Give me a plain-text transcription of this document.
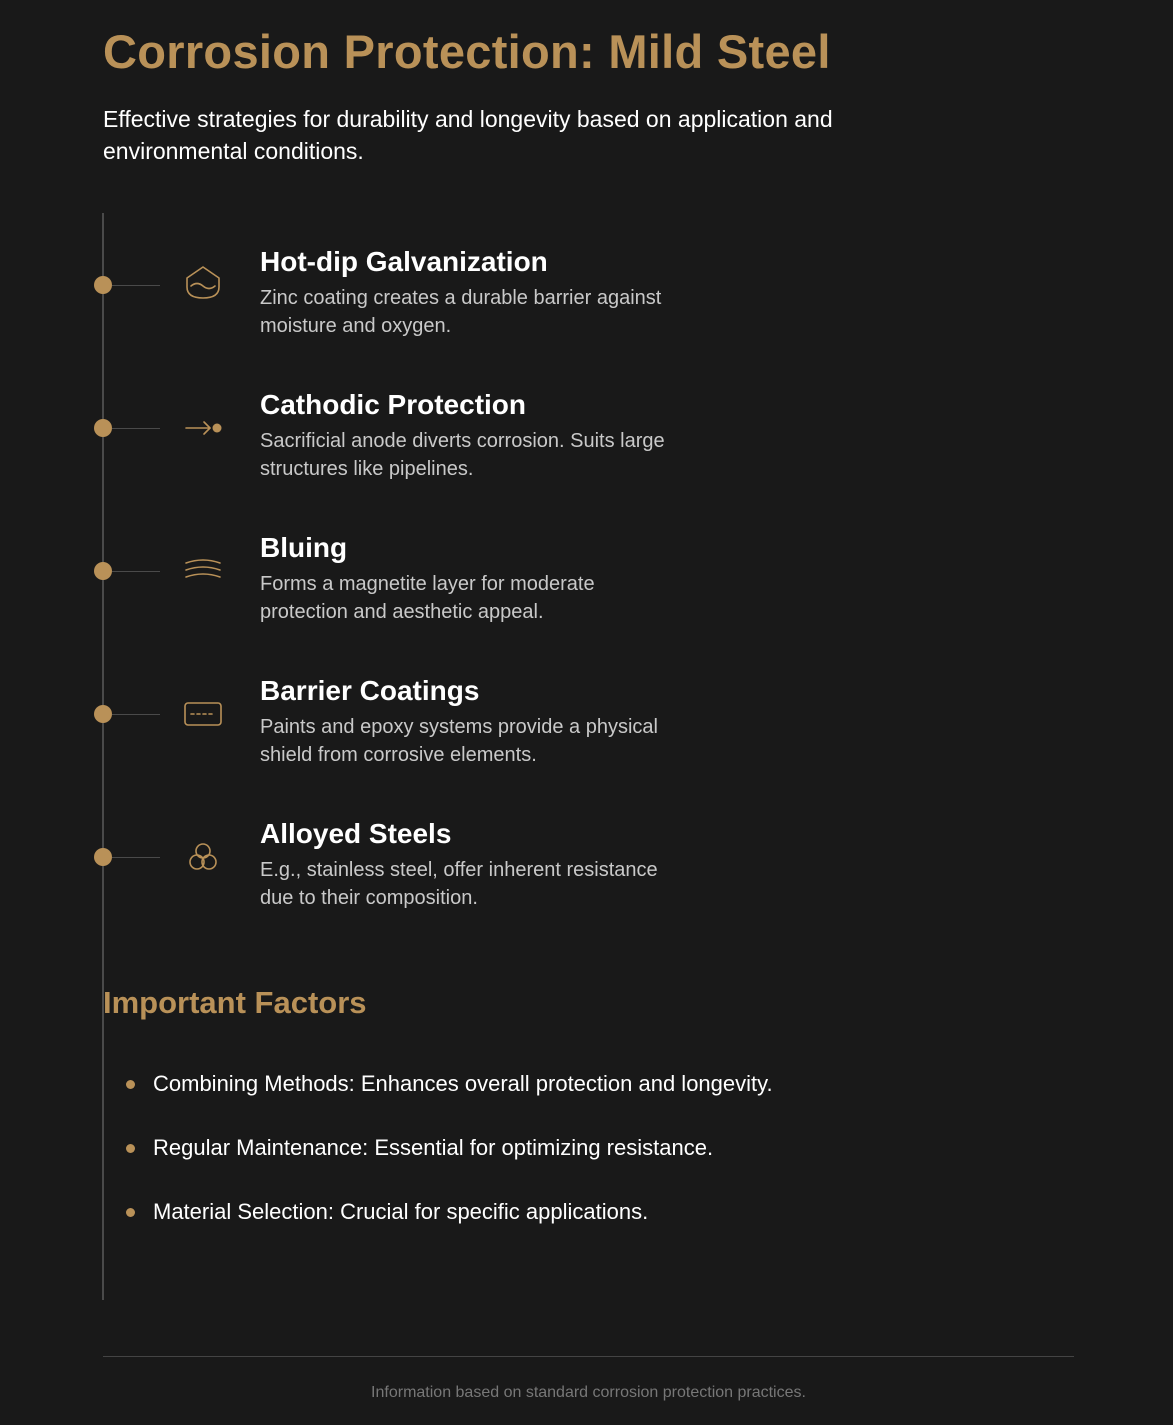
Corrosion Protection: Mild Steel

Effective strategies for durability and longevity based on application and environmental conditions.

Hot-dip Galvanization

Zinc coating creates a durable barrier against moisture and oxygen.

Cathodic Protection

Sacrificial anode diverts corrosion. Suits large structures like pipelines.

Bluing

Forms a magnetite layer for moderate protection and aesthetic appeal.

Barrier Coatings

Paints and epoxy systems provide a physical shield from corrosive elements.

Alloyed Steels

E.g., stainless steel, offer inherent resistance due to their composition.

Important Factors
Combining Methods: Enhances overall protection and longevity.
Regular Maintenance: Essential for optimizing resistance.
Material Selection: Crucial for specific applications.
Information based on standard corrosion protection practices.
